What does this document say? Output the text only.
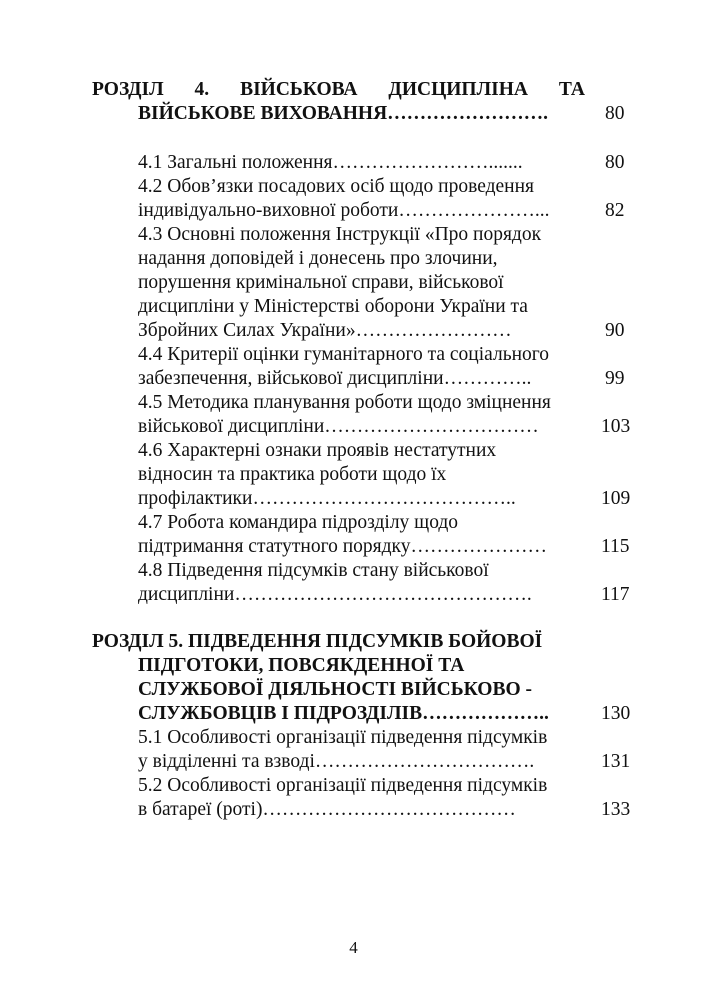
РОЗДІЛ 4. ВІЙСЬКОВА ДИСЦИПЛІНА ТА
ВІЙСЬКОВЕ ВИХОВАННЯ…………………….	80
4.1 Загальні положення…………………….......	80
4.2 Обов’язки посадових осіб щодо проведення
індивідуально-виховної роботи…………………...	82
4.3 Основні положення Інструкції «Про порядок
надання доповідей і донесень про злочини,
порушення кримінальної справи, військової
дисципліни у Міністерстві оборони України та
Збройних Силах України»……………………	90
4.4 Критерії оцінки гуманітарного та соціального
забезпечення, військової дисципліни…………..	99
4.5 Методика планування роботи щодо зміцнення
військової дисципліни……………………………	103
4.6 Характерні ознаки проявів нестатутних
відносин та практика роботи щодо їх
профілактики…………………………………..	109
4.7 Робота командира підрозділу щодо
підтримання статутного порядку…………………	115
4.8 Підведення підсумків стану військової
дисципліни……………………………………….	117
РОЗДІЛ 5. ПІДВЕДЕННЯ ПІДСУМКІВ БОЙОВОЇ
ПІДГОТОКИ, ПОВСЯКДЕННОЇ ТА
СЛУЖБОВОЇ ДІЯЛЬНОСТІ ВІЙСЬКОВО -
СЛУЖБОВЦІВ І ПІДРОЗДІЛІВ………………..	130
5.1 Особливості організації підведення підсумків
у відділенні та взводі…………………………….	131
5.2 Особливості організації підведення підсумків
в батареї (роті)…………………………………	133
4
